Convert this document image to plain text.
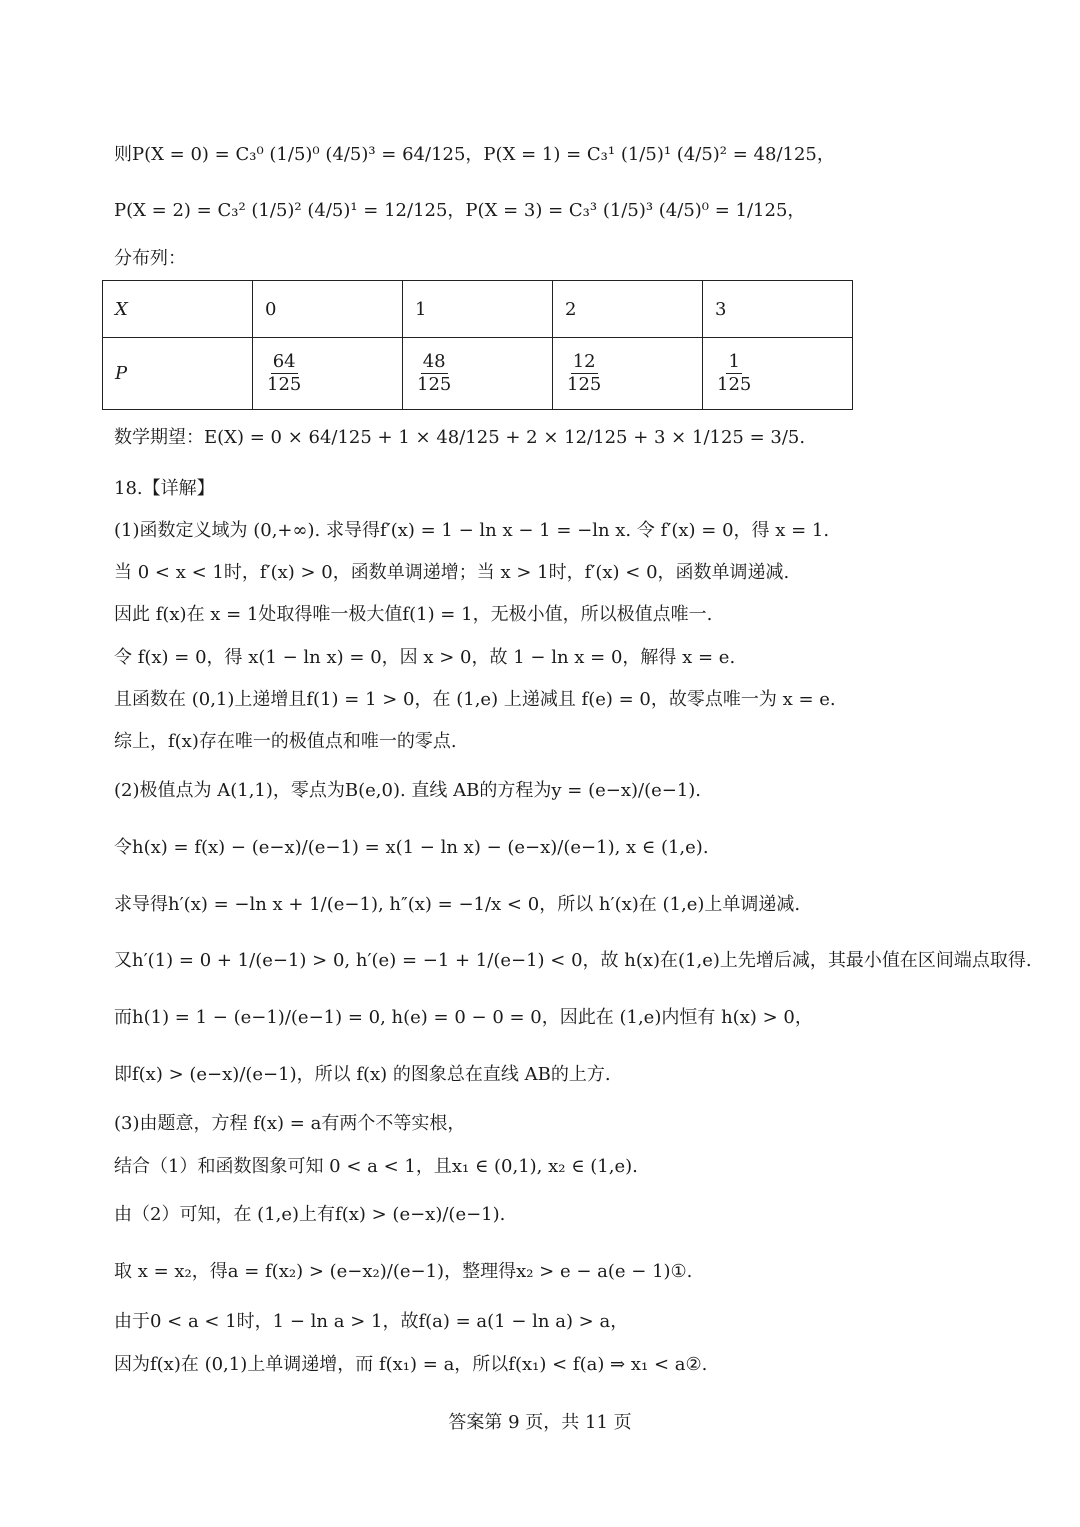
则P(X = 0) = C₃⁰ (1/5)⁰ (4/5)³ = 64/125，P(X = 1) = C₃¹ (1/5)¹ (4/5)² = 48/125，
P(X = 2) = C₃² (1/5)² (4/5)¹ = 12/125，P(X = 3) = C₃³ (1/5)³ (4/5)⁰ = 1/125，
分布列：
X	0	1	2	3
P	$\frac{64}{125}$	$\frac{48}{125}$	$\frac{12}{125}$	$\frac{1}{125}$
数学期望：E(X) = 0 × 64/125 + 1 × 48/125 + 2 × 12/125 + 3 × 1/125 = 3/5.
18.【详解】
(1)函数定义域为 (0,+∞). 求导得f′(x) = 1 − ln x − 1 = −ln x. 令 f′(x) = 0，得 x = 1.
当 0 < x < 1时，f′(x) > 0，函数单调递增；当 x > 1时，f′(x) < 0，函数单调递减.
因此 f(x)在 x = 1处取得唯一极大值f(1) = 1，无极小值，所以极值点唯一.
令 f(x) = 0，得 x(1 − ln x) = 0，因 x > 0，故 1 − ln x = 0，解得 x = e.
且函数在 (0,1)上递增且f(1) = 1 > 0，在 (1,e) 上递减且 f(e) = 0，故零点唯一为 x = e.
综上，f(x)存在唯一的极值点和唯一的零点.
(2)极值点为 A(1,1)，零点为B(e,0). 直线 AB的方程为y = (e−x)/(e−1).
令h(x) = f(x) − (e−x)/(e−1) = x(1 − ln x) − (e−x)/(e−1), x ∈ (1,e).
求导得h′(x) = −ln x + 1/(e−1), h″(x) = −1/x < 0，所以 h′(x)在 (1,e)上单调递减.
又h′(1) = 0 + 1/(e−1) > 0, h′(e) = −1 + 1/(e−1) < 0，故 h(x)在(1,e)上先增后减，其最小值在区间端点取得.
而h(1) = 1 − (e−1)/(e−1) = 0, h(e) = 0 − 0 = 0，因此在 (1,e)内恒有 h(x) > 0，
即f(x) > (e−x)/(e−1)，所以 f(x) 的图象总在直线 AB的上方.
(3)由题意，方程 f(x) = a有两个不等实根，
结合（1）和函数图象可知 0 < a < 1，且x₁ ∈ (0,1), x₂ ∈ (1,e).
由（2）可知，在 (1,e)上有f(x) > (e−x)/(e−1).
取 x = x₂，得a = f(x₂) > (e−x₂)/(e−1)，整理得x₂ > e − a(e − 1)①.
由于0 < a < 1时，1 − ln a > 1，故f(a) = a(1 − ln a) > a，
因为f(x)在 (0,1)上单调递增，而 f(x₁) = a，所以f(x₁) < f(a) ⇒ x₁ < a②.
答案第 9 页，共 11 页
